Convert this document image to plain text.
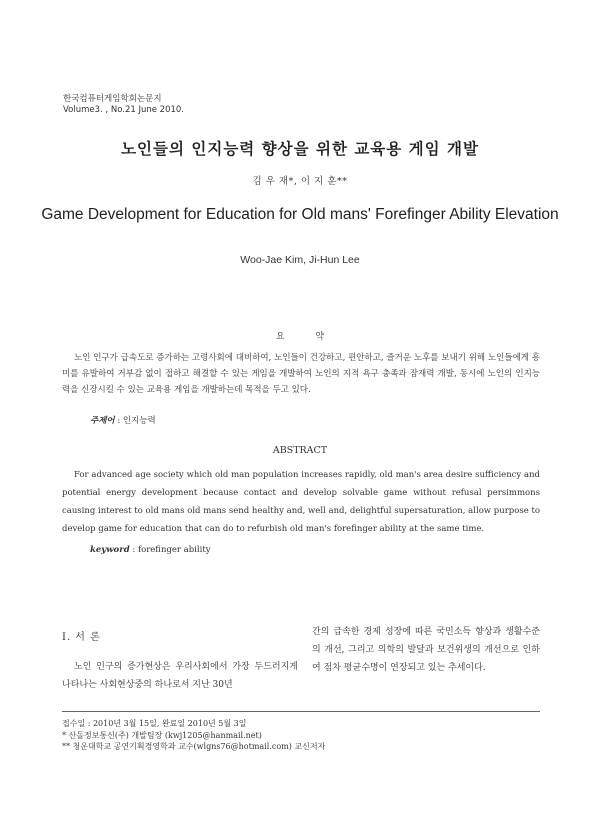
한국컴퓨터게임학회논문지
Volume3. , No.21 June 2010.
노인들의 인지능력 향상을 위한 교육용 게임 개발
김 우 재*, 이 지 훈**
Game Development for Education for Old mans' Forefinger Ability Elevation
Woo-Jae Kim, Ji-Hun Lee
요 약
노인 인구가 급속도로 증가하는 고령사회에 대비하여, 노인들이 건강하고, 편안하고, 즐거운 노후를 보내기 위해 노인들에게 흥미를 유발하여 거부감 없이 접하고 해결할 수 있는 게임을 개발하여 노인의 지적 욕구 충족과 잠재력 개발, 동시에 노인의 인지능력을 신장시킬 수 있는 교육용 게임을 개발하는데 목적을 두고 있다.
주제어 : 인지능력
ABSTRACT
For advanced age society which old man population increases rapidly, old man's area desire sufficiency and potential energy development because contact and develop solvable game without refusal persimmons causing interest to old mans old mans send healthy and, well and, delightful supersaturation, allow purpose to develop game for education that can do to refurbish old man's forefinger ability at the same time.
keyword : forefinger ability
Ⅰ. 서 론
노인 인구의 증가현상은 우리사회에서 가장 두드러지게 나타나는 사회현상중의 하나로서 지난 30년
간의 급속한 경제 성장에 따른 국민소득 향상과 생활수준의 개선, 그리고 의학의 발달과 보건위생의 개선으로 인하여 점차 평균수명이 연장되고 있는 추세이다.
접수일 : 2010년 3월 15일, 완료일 2010년 5월 3일
* 산돌정보통신(주) 개발팀장 (kwj1205@hanmail.net)
** 청운대학교 공연기획경영학과 교수(wlgns76@hotmail.com) 교신저자
